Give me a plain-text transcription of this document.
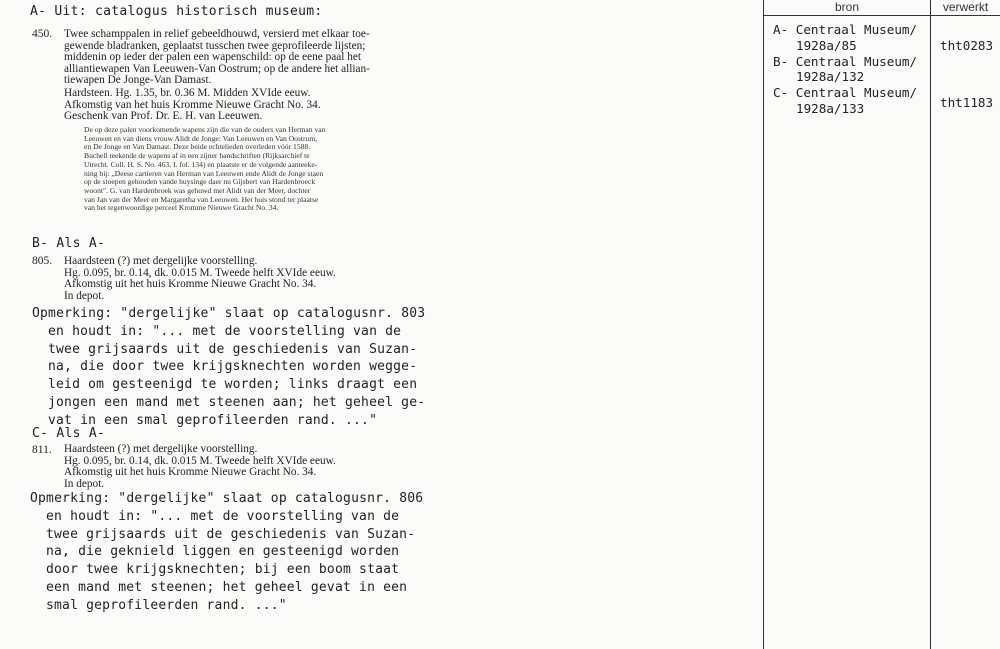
A- Uit: catalogus historisch museum:
450. Twee schamppalen in relief gebeeldhouwd, versierd met elkaar toe-
gewende bladranken, geplaatst tusschen twee geprofileerde lijsten;
middenin op ieder der palen een wapenschild: op de eene paal het
alliantiewapen Van Leeuwen-Van Oostrum; op de andere het allian-
tiewapen De Jonge-Van Damast.
Hardsteen. Hg. 1.35, br. 0.36 M. Midden XVIde eeuw.
Afkomstig van het huis Kromme Nieuwe Gracht No. 34.
Geschenk van Prof. Dr. E. H. van Leeuwen.
De op deze palen voorkomende wapens zijn die van de ouders van Herman van
Leeuwen en van diens vrouw Alidt de Jonge: Van Leeuwen en Van Oostrum,
en De Jonge en Van Damast. Deze beide echtelieden overleden vóór 1588.
Buchell teekende de wapens af in een zijner handschriften (Rijksarchief te
Utrecht. Coll. H. S. No. 463, I. fol. 134) en plaatste er de volgende aanteeke-
ning bij: „Deese cartieren van Herman van Leeuwen ende Alidt de Jonge staen
op de stoepen gehouden vande huysinge daer nu Gijsbert van Hardenbroeck
woont". G. van Hardenbroek was gehuwd met Alidt van der Meer, dochter
van Jan van der Meer en Margaretha van Leeuwen. Het huis stond ter plaatse
van het tegenwoordige perceel Kromme Nieuwe Gracht No. 34.
B- Als A-
805. Haardsteen (?) met dergelijke voorstelling.
Hg. 0.095, br. 0.14, dk. 0.015 M. Tweede helft XVIde eeuw.
Afkomstig uit het huis Kromme Nieuwe Gracht No. 34.
In depot.
Opmerking: "dergelijke" slaat op catalogusnr. 803
en houdt in: "... met de voorstelling van de
twee grijsaards uit de geschiedenis van Suzan-
na, die door twee krijgsknechten worden wegge-
leid om gesteenigd te worden; links draagt een
jongen een mand met steenen aan; het geheel ge-
vat in een smal geprofileerden rand. ..."
C- Als A-
811. Haardsteen (?) met dergelijke voorstelling.
Hg. 0.095, br. 0.14, dk. 0.015 M. Tweede helft XVIde eeuw.
Afkomstig uit het huis Kromme Nieuwe Gracht No. 34.
In depot.
Opmerking: "dergelijke" slaat op catalogusnr. 806
en houdt in: "... met de voorstelling van de
twee grijsaards uit de geschiedenis van Suzan-
na, die geknield liggen en gesteenigd worden
door twee krijgsknechten; bij een boom staat
een mand met steenen; het geheel gevat in een
smal geprofileerden rand. ..."
bron	verwerkt
A- Centraal Museum/
1928a/85
B- Centraal Museum/
1928a/132
C- Centraal Museum/
1928a/133
tht0283
tht1183
